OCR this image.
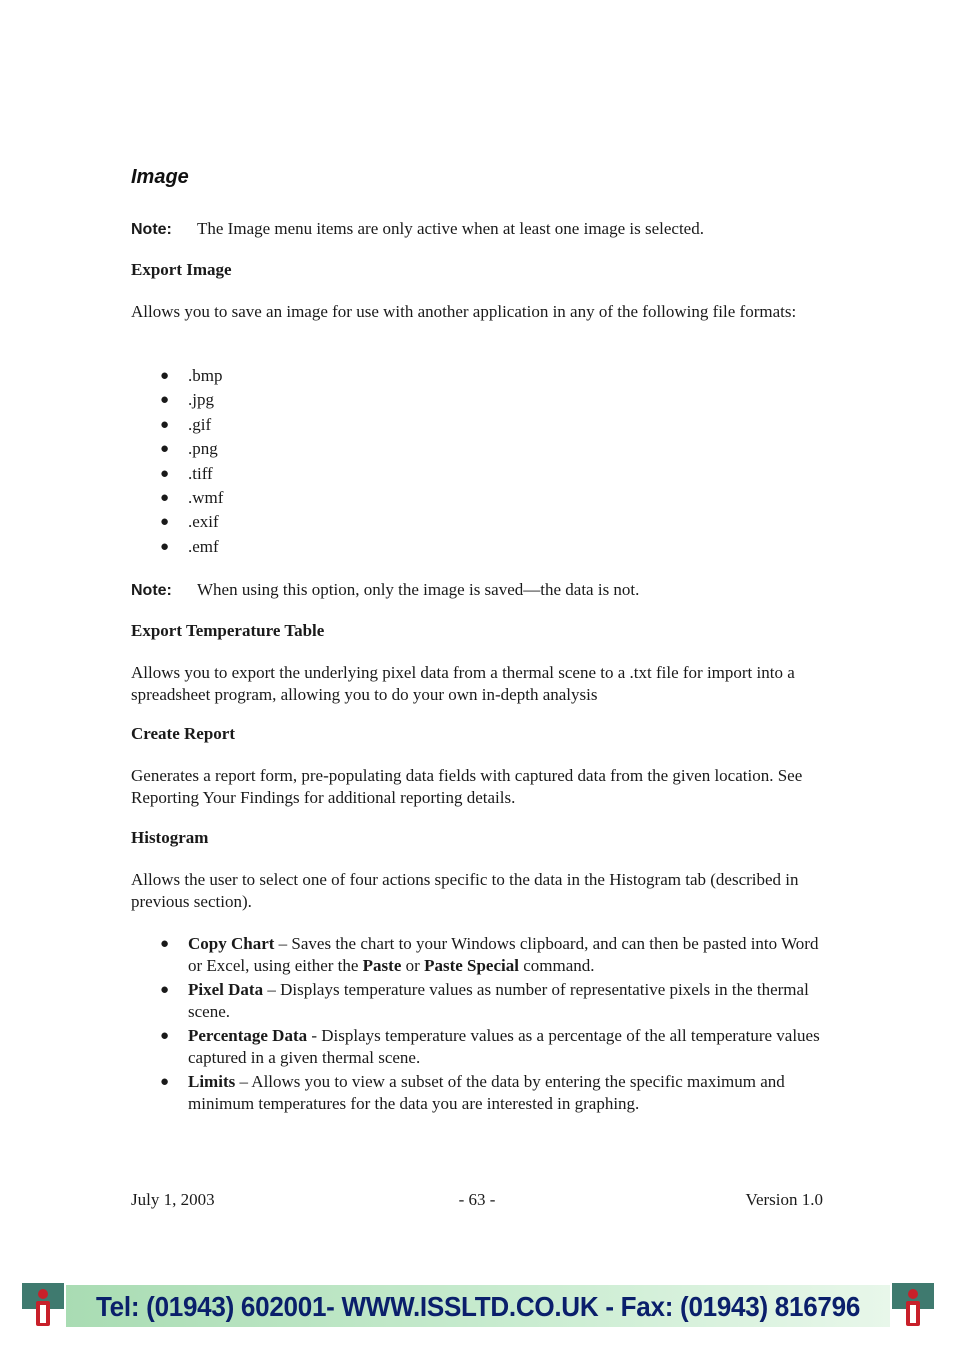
Image
Note: The Image menu items are only active when at least one image is selected.
Export Image

Allows you to save an image for use with another application in any of the following file formats:

● .bmp
● .jpg
● .gif
● .png
● .tiff
● .wmf
● .exif
● .emf
Note: When using this option, only the image is saved—the data is not.
Export Temperature Table

Allows you to export the underlying pixel data from a thermal scene to a .txt file for import into a spreadsheet program, allowing you to do your own in-depth analysis

Create Report

Generates a report form, pre-populating data fields with captured data from the given location. See Reporting Your Findings for additional reporting details.

Histogram

Allows the user to select one of four actions specific to the data in the Histogram tab (described in previous section).

● Copy Chart – Saves the chart to your Windows clipboard, and can then be pasted into Word or Excel, using either the Paste or Paste Special command.
● Pixel Data – Displays temperature values as number of representative pixels in the thermal scene.
● Percentage Data - Displays temperature values as a percentage of the all temperature values captured in a given thermal scene.
● Limits – Allows you to view a subset of the data by entering the specific maximum and minimum temperatures for the data you are interested in graphing.
July 1, 2003	- 63 -	Version 1.0
Tel: (01943) 602001- WWW.ISSLTD.CO.UK - Fax: (01943) 816796
